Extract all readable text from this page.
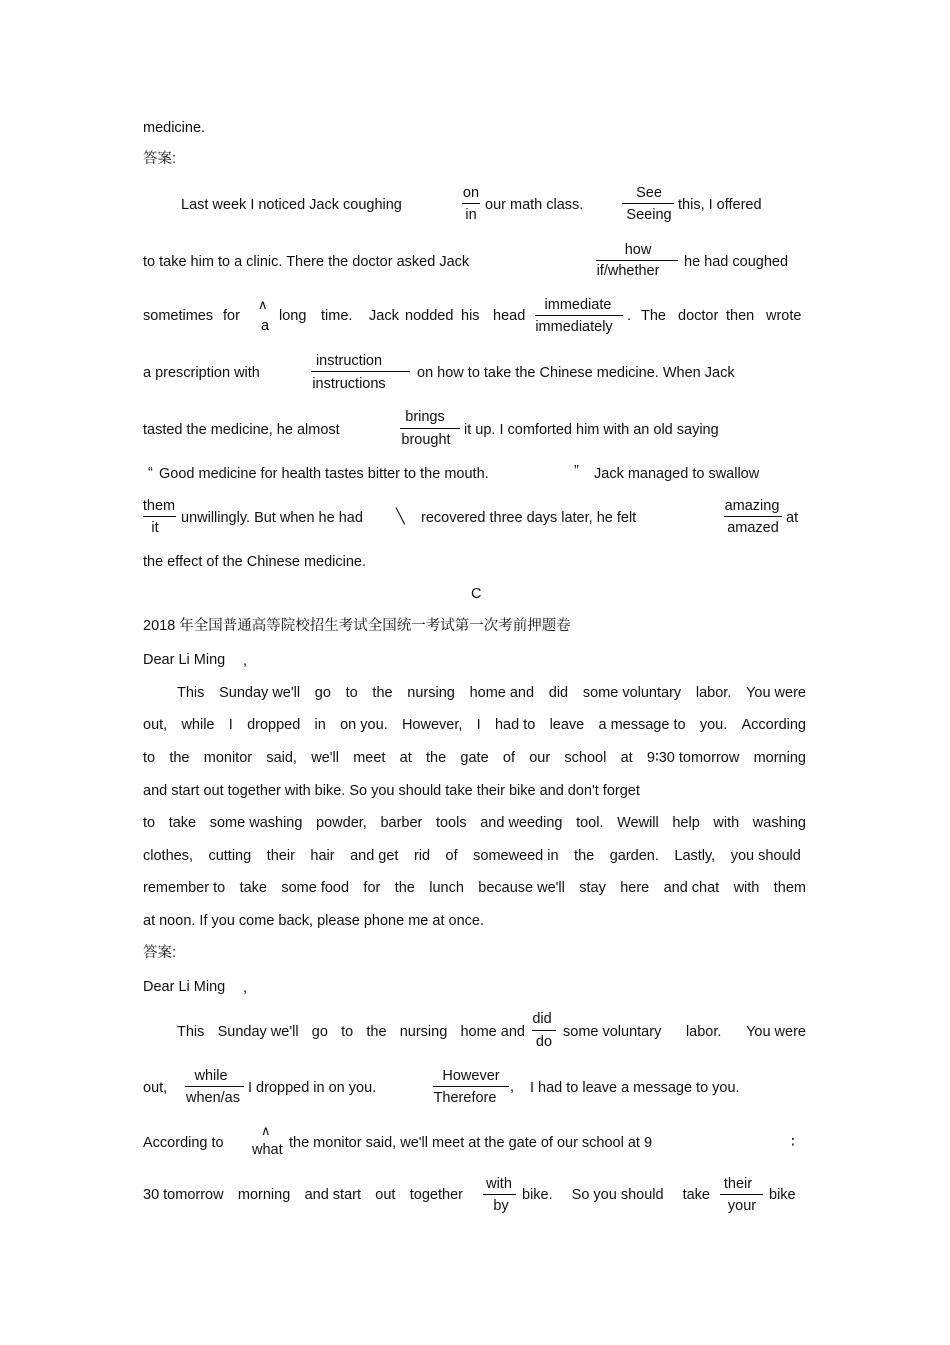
medicine.
答案:
Last week I noticed Jack coughing
on
in
our math class.
See
Seeing
this, I offered
to take him to a clinic. There the doctor asked Jack
how
if/whether
he had coughed
sometimes for
∧
a
long time. Jack nodded his head
immediate
immediately
. The doctor then wrote
a prescription with
instruction
instructions
on how to take the Chinese medicine. When Jack
tasted the medicine, he almost
brings
brought
it up. I comforted him with an old saying
“ Good medicine for health tastes bitter to the mouth.	” Jack managed to swallow
them
it
unwillingly. But when he had ╲ recovered three days later, he felt
amazing
amazed
at
the effect of the Chinese medicine.
C
2018 年全国普通高等院校招生考试全国统一考试第一次考前押题卷
Dear Li Ming ,
This Sunday we'll go to the nursing home and did some voluntary labor. You were
out, while I dropped in on you. However, I had to leave a message to you. According
to the monitor said, we'll meet at the gate of our school at 9∶30 tomorrow morning
and start out together with bike. So you should take their bike and don't forget
to take some washing powder, barber tools and weeding tool. Wewill help with washing
clothes, cutting their hair and get rid of someweed in the garden. Lastly, you should
remember to take some food for the lunch because we'll stay here and chat with them
at noon. If you come back, please phone me at once.
答案:
Dear Li Ming ,
This Sunday we'll go to the nursing home and
did
do
some voluntary labor. You were
out,
while
when/as
I dropped in on you.
However
Therefore
, I had to leave a message to you.
According to
∧
what the monitor said, we'll meet at the gate of our school at 9	∶
30 tomorrow morning and start out together
with
by
bike. So you should take
their
your
bike
